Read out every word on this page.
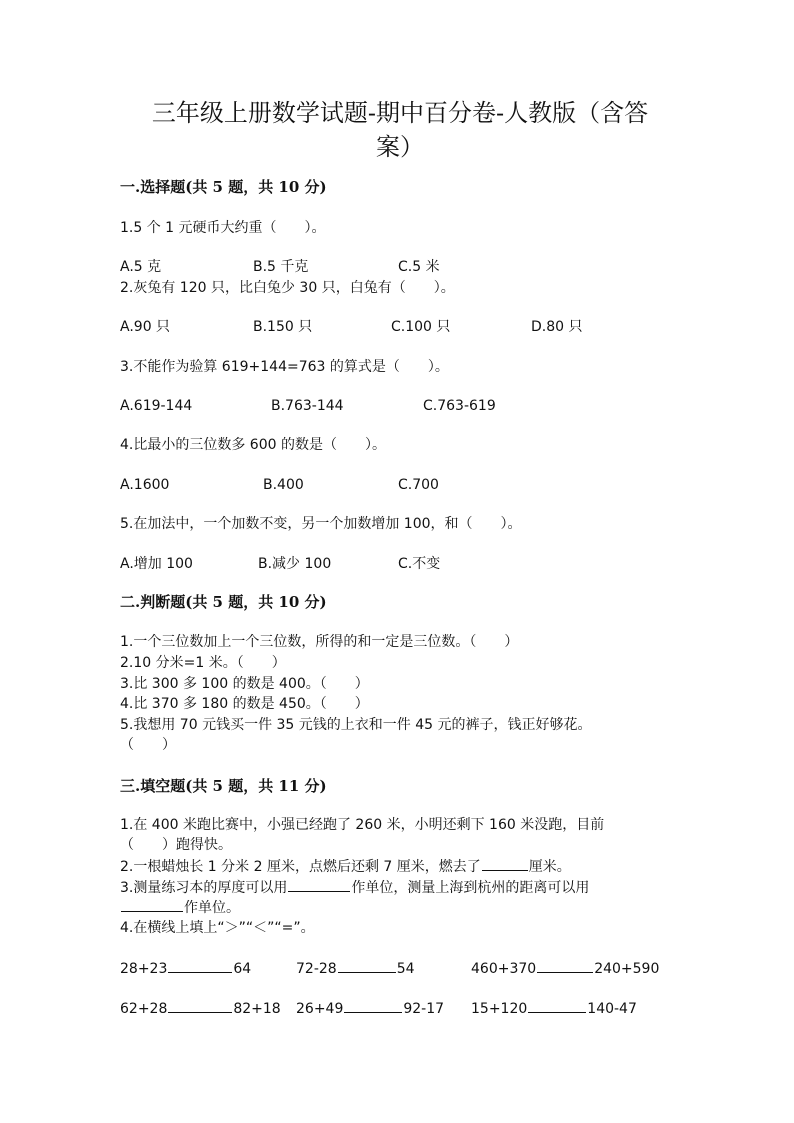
三年级上册数学试题-期中百分卷-人教版（含答
案）
一.选择题(共 5 题，共 10 分)
1.5 个 1 元硬币大约重（　　）。
A.5 克	B.5 千克	C.5 米
2.灰兔有 120 只，比白兔少 30 只，白兔有（　　）。
A.90 只	B.150 只	C.100 只	D.80 只
3.不能作为验算 619+144=763 的算式是（　　）。
A.619-144	B.763-144	C.763-619
4.比最小的三位数多 600 的数是（　　）。
A.1600	B.400	C.700
5.在加法中，一个加数不变，另一个加数增加 100，和（　　）。
A.增加 100	B.减少 100	C.不变
二.判断题(共 5 题，共 10 分)
1.一个三位数加上一个三位数，所得的和一定是三位数。（　　）
2.10 分米=1 米。（　　）
3.比 300 多 100 的数是 400。（　　）
4.比 370 多 180 的数是 450。（　　）
5.我想用 70 元钱买一件 35 元钱的上衣和一件 45 元的裤子，钱正好够花。
（　　）
三.填空题(共 5 题，共 11 分)
1.在 400 米跑比赛中，小强已经跑了 260 米，小明还剩下 160 米没跑，目前
（　　）跑得快。
2.一根蜡烛长 1 分米 2 厘米，点燃后还剩 7 厘米，燃去了	厘米。
3.测量练习本的厚度可以用	作单位，测量上海到杭州的距离可以用
作单位。
4.在横线上填上“＞”“＜”“=”。
28+23	64	72-28	54	460+370	240+590
62+28	82+18 26+49	92-17 15+120	140-47
